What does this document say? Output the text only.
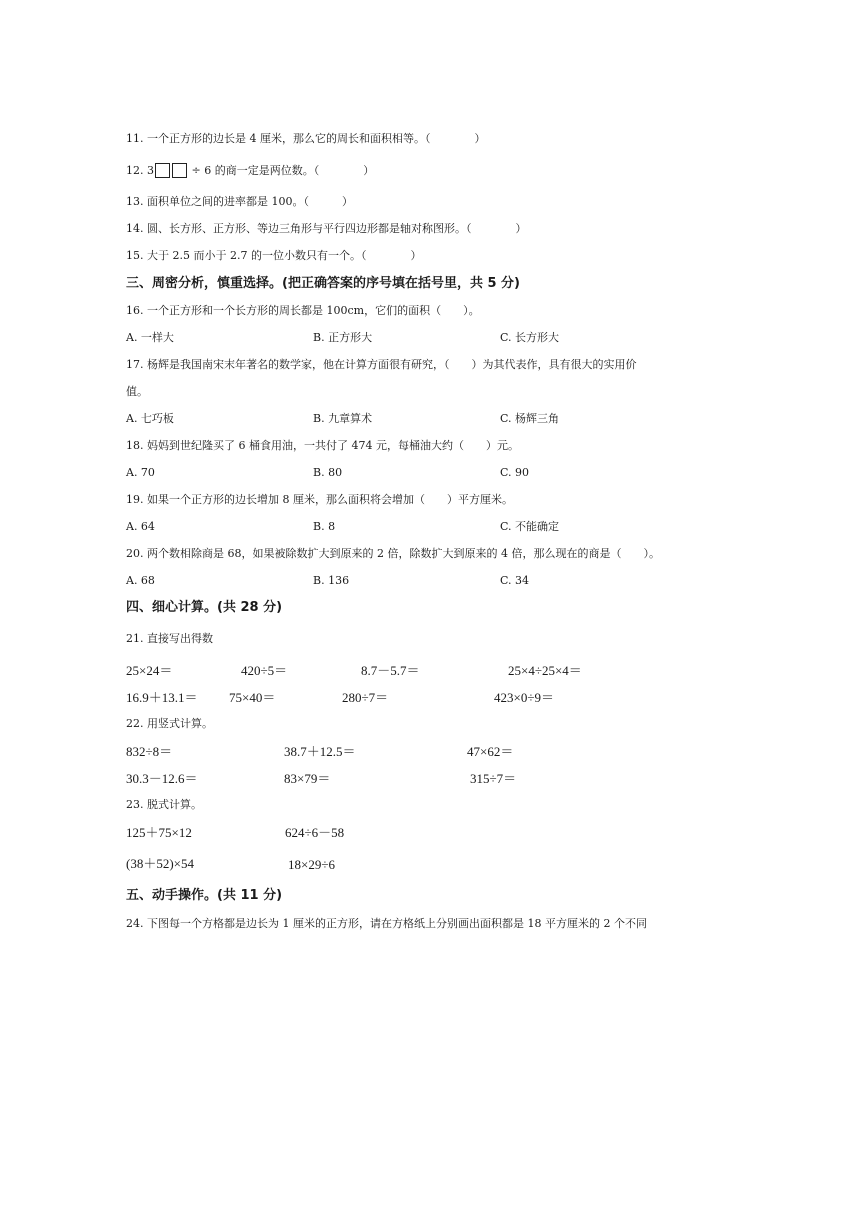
11. 一个正方形的边长是 4 厘米，那么它的周长和面积相等。（　　　　）
12. 3	÷ 6 的商一定是两位数。（　　　　）
13. 面积单位之间的进率都是 100。（　　　）
14. 圆、长方形、正方形、等边三角形与平行四边形都是轴对称图形。（　　　　）
15. 大于 2.5 而小于 2.7 的一位小数只有一个。（　　　　）
三、周密分析，慎重选择。(把正确答案的序号填在括号里，共 5 分)
16. 一个正方形和一个长方形的周长都是 100cm，它们的面积（　　）。
A. 一样大	B. 正方形大	C. 长方形大
17. 杨辉是我国南宋末年著名的数学家，他在计算方面很有研究，（　　）为其代表作，具有很大的实用价
值。
A. 七巧板	B. 九章算术	C. 杨辉三角
18. 妈妈到世纪隆买了 6 桶食用油，一共付了 474 元，每桶油大约（　　）元。
A. 70	B. 80	C. 90
19. 如果一个正方形的边长增加 8 厘米，那么面积将会增加（　　）平方厘米。
A. 64	B. 8	C. 不能确定
20. 两个数相除商是 68，如果被除数扩大到原来的 2 倍，除数扩大到原来的 4 倍，那么现在的商是（　　）。
A. 68	B. 136	C. 34
四、细心计算。(共 28 分)
21. 直接写出得数
25×24＝	420÷5＝	8.7－5.7＝	25×4÷25×4＝
16.9＋13.1＝ 75×40＝	280÷7＝	423×0÷9＝
22. 用竖式计算。
832÷8＝	38.7＋12.5＝	47×62＝
30.3－12.6＝	83×79＝	315÷7＝
23. 脱式计算。
125＋75×12	624÷6－58
(38＋52)×54	18×29÷6
五、动手操作。(共 11 分)
24. 下图每一个方格都是边长为 1 厘米的正方形，请在方格纸上分别画出面积都是 18 平方厘米的 2 个不同
